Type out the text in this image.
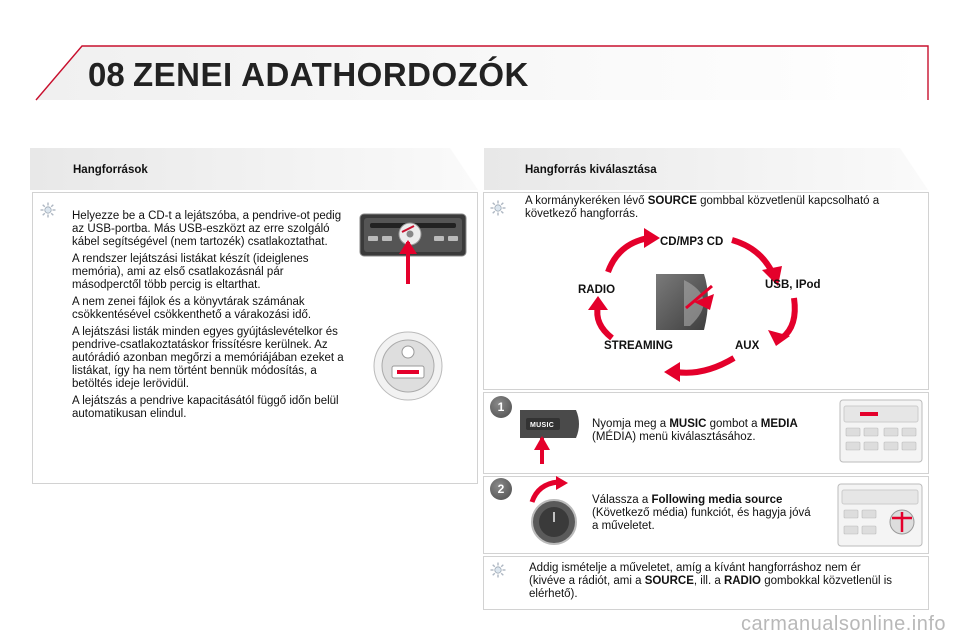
08 ZENEI ADATHORDOZÓK
Hangforrások

Helyezze be a CD-t a lejátszóba, a pendrive-ot pedig az USB-portba. Más USB-eszközt az erre szolgáló kábel segítségével (nem tartozék) csatlakoztathat.

A rendszer lejátszási listákat készít (ideiglenes memória), ami az első csatlakozásnál pár másodperctől több percig is eltarthat.

A nem zenei fájlok és a könyvtárak számának csökkentésével csökkenthető a várakozási idő.

A lejátszási listák minden egyes gyújtáslevételkor és pendrive-csatlakoztatáskor frissítésre kerülnek. Az autórádió azonban megőrzi a memóriájában ezeket a listákat, így ha nem történt bennük módosítás, a betöltés ideje lerövidül.

A lejátszás a pendrive kapacitásától függő időn belül automatikusan elindul.

Hangforrás kiválasztása
A kormánykeréken lévő SOURCE gombbal közvetlenül kapcsolható a következő hangforrás.
CD/MP3 CD
USB, IPod
RADIO
STREAMING	AUX
1
MUSIC	Nyomja meg a MUSIC gombot a MEDIA (MÉDIA) menü kiválasztásához.
2
Válassza a Following media source (Következő média) funkciót, és hagyja jóvá a műveletet.
Addig ismételje a műveletet, amíg a kívánt hangforráshoz nem ér (kivéve a rádiót, ami a SOURCE, ill. a RADIO gombokkal közvetlenül is elérhető).
carmanualsonline.info
